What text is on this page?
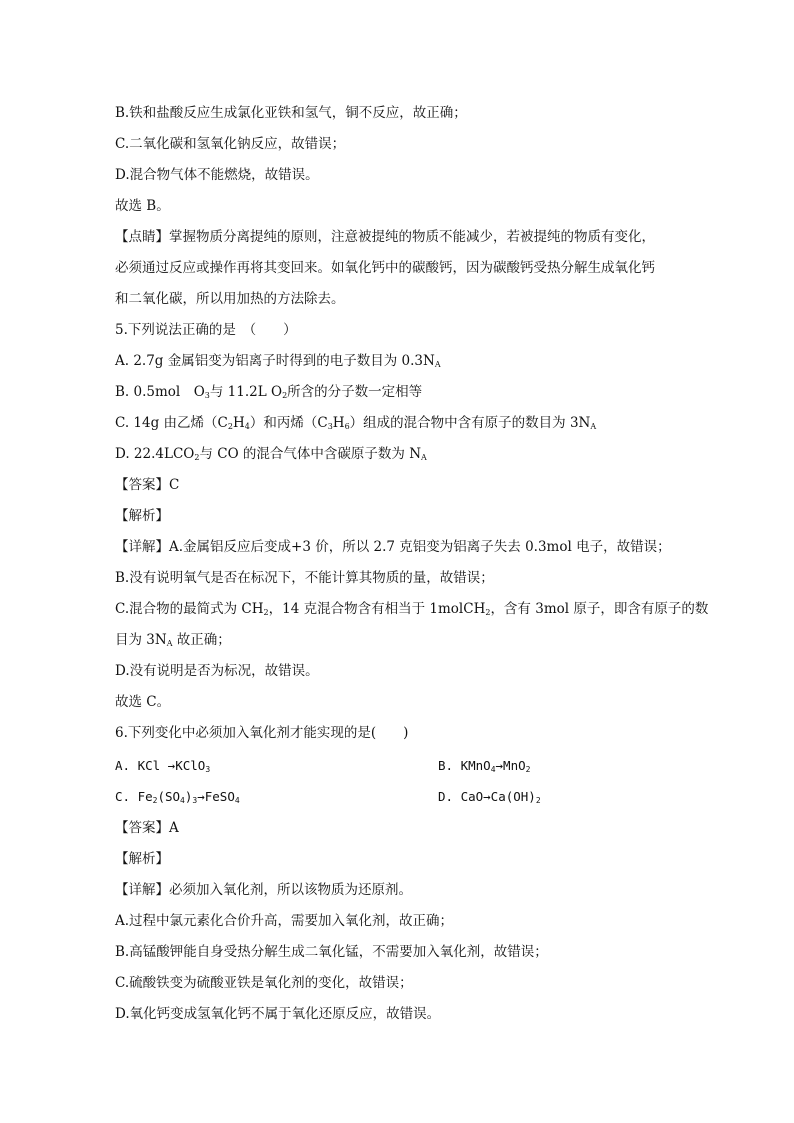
B.铁和盐酸反应生成氯化亚铁和氢气，铜不反应，故正确；
C.二氧化碳和氢氧化钠反应，故错误；
D.混合物气体不能燃烧，故错误。
故选 B。
【点睛】掌握物质分离提纯的原则，注意被提纯的物质不能减少，若被提纯的物质有变化，
必须通过反应或操作再将其变回来。如氧化钙中的碳酸钙，因为碳酸钙受热分解生成氧化钙
和二氧化碳，所以用加热的方法除去。
5.下列说法正确的是　（　　）
A. 2.7g 金属铝变为铝离子时得到的电子数目为 $0.3N_A$
B. 0.5mol　$O_3$与 11.2L $O_2$所含的分子数一定相等
C. 14g 由乙烯$(C_2H_4)$和丙烯$(C_3H_6)$组成的混合物中含有原子的数目为 $3N_A$
D. $22.4LCO_2$与 CO 的混合气体中含碳原子数为 $N_A$
【答案】C
【解析】
【详解】A.金属铝反应后变成+3 价，所以 2.7 克铝变为铝离子失去 0.3mol 电子，故错误；
B.没有说明氧气是否在标况下，不能计算其物质的量，故错误；
C.混合物的最简式为 $CH_2$，14 克混合物含有相当于 1molCH$_2$，含有 3mol 原子，即含有原子的数
目为 $3N_A$ 故正确；
D.没有说明是否为标况，故错误。
故选 C。
6.下列变化中必须加入氧化剂才能实现的是(　　)
A. KCl →KClO$_3$	B. KMnO$_4$→MnO$_2$
C. $Fe_2(SO_4)_3\to FeSO_4$	D. $CaO\to Ca(OH)_2$
【答案】A
【解析】
【详解】必须加入氧化剂，所以该物质为还原剂。
A.过程中氯元素化合价升高，需要加入氧化剂，故正确；
B.高锰酸钾能自身受热分解生成二氧化锰，不需要加入氧化剂，故错误；
C.硫酸铁变为硫酸亚铁是氧化剂的变化，故错误；
D.氧化钙变成氢氧化钙不属于氧化还原反应，故错误。
